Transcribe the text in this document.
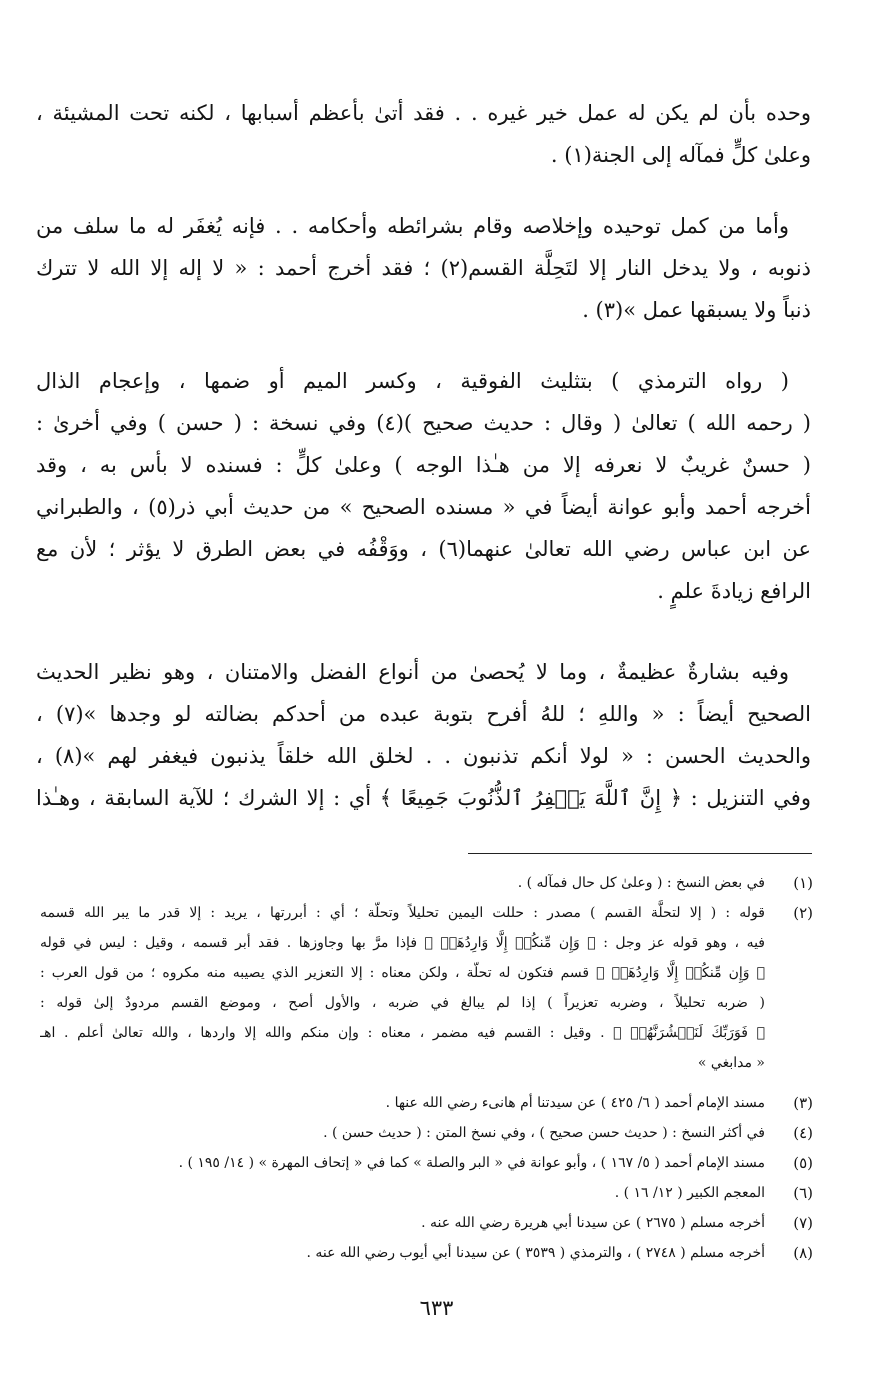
وحده بأن لم يكن له عمل خير غيره . . فقد أتىٰ بأعظم أسبابها ، لكنه تحت المشيئة ،
وعلىٰ كلٍّ فمآله إلى الجنة(١) .
وأما من كمل توحيده وإخلاصه وقام بشرائطه وأحكامه . . فإنه يُغفَر له ما سلف من
ذنوبه ، ولا يدخل النار إلا لتَحِلَّة القسم(٢) ؛ فقد أخرج أحمد : « لا إله إلا الله لا تترك
ذنباً ولا يسبقها عمل »(٣) .
( رواه الترمذي ) بتثليث الفوقية ، وكسر الميم أو ضمها ، وإعجام الذال
( رحمه الله ) تعالىٰ ( وقال : حديث صحيح )(٤) وفي نسخة : ( حسن ) وفي أخرىٰ :
( حسنٌ غريبٌ لا نعرفه إلا من هـٰذا الوجه ) وعلىٰ كلٍّ : فسنده لا بأس به ، وقد
أخرجه أحمد وأبو عوانة أيضاً في « مسنده الصحيح » من حديث أبي ذر(٥) ، والطبراني
عن ابن عباس رضي الله تعالىٰ عنهما(٦) ، ووَقْفُه في بعض الطرق لا يؤثر ؛ لأن مع
الرافع زيادةَ علمٍ .
وفيه بشارةٌ عظيمةٌ ، وما لا يُحصىٰ من أنواع الفضل والامتنان ، وهو نظير الحديث
الصحيح أيضاً : « واللهِ ؛ للهُ أفرح بتوبة عبده من أحدكم بضالته لو وجدها »(٧) ،
والحديث الحسن : « لولا أنكم تذنبون . . لخلق الله خلقاً يذنبون فيغفر لهم »(٨) ،
وفي التنزيل : ﴿ إِنَّ ٱللَّهَ يَغۡفِرُ ٱلذُّنُوبَ جَمِيعًا ﴾ أي : إلا الشرك ؛ للآية السابقة ، وهـٰذا
(١)
في بعض النسخ : ( وعلىٰ كل حال فمآله ) .
(٢)
قوله : ( إلا لتحلَّة القسم ) مصدر : حللت اليمين تحليلاً وتحلّة ؛ أي : أبررتها ، يريد : إلا قدر ما يبر الله قسمه
فيه ، وهو قوله عز وجل : ﴿ وَإِن مِّنكُمۡ إِلَّا وَارِدُهَاۚ ﴾ فإذا مرَّ بها وجاوزها . فقد أبر قسمه ، وقيل : ليس في قوله
﴿ وَإِن مِّنكُمۡ إِلَّا وَارِدُهَاۚ ﴾ قسم فتكون له تحلّة ، ولكن معناه : إلا التعزير الذي يصيبه منه مكروه ؛ من قول العرب :
( ضربه تحليلاً ، وضربه تعزيراً ) إذا لم يبالغ في ضربه ، والأول أصح ، وموضع القسم مردودٌ إلىٰ قوله :
﴿ فَوَرَبِّكَ لَنَحۡشُرَنَّهُمۡ ﴾ . وقيل : القسم فيه مضمر ، معناه : وإن منكم والله إلا واردها ، والله تعالىٰ أعلم . اهـ
« مدابغي »
(٣)
مسند الإمام أحمد ( ٦/ ٤٢٥ ) عن سيدتنا أم هانىء رضي الله عنها .
(٤)
في أكثر النسخ : ( حديث حسن صحيح ) ، وفي نسخ المتن : ( حديث حسن ) .
(٥)
مسند الإمام أحمد ( ٥/ ١٦٧ ) ، وأبو عوانة في « البر والصلة » كما في « إتحاف المهرة » ( ١٤/ ١٩٥ ) .
(٦)
المعجم الكبير ( ١٢/ ١٦ ) .
(٧)
أخرجه مسلم ( ٢٦٧٥ ) عن سيدنا أبي هريرة رضي الله عنه .
(٨)
أخرجه مسلم ( ٢٧٤٨ ) ، والترمذي ( ٣٥٣٩ ) عن سيدنا أبي أيوب رضي الله عنه .
٦٣٣
